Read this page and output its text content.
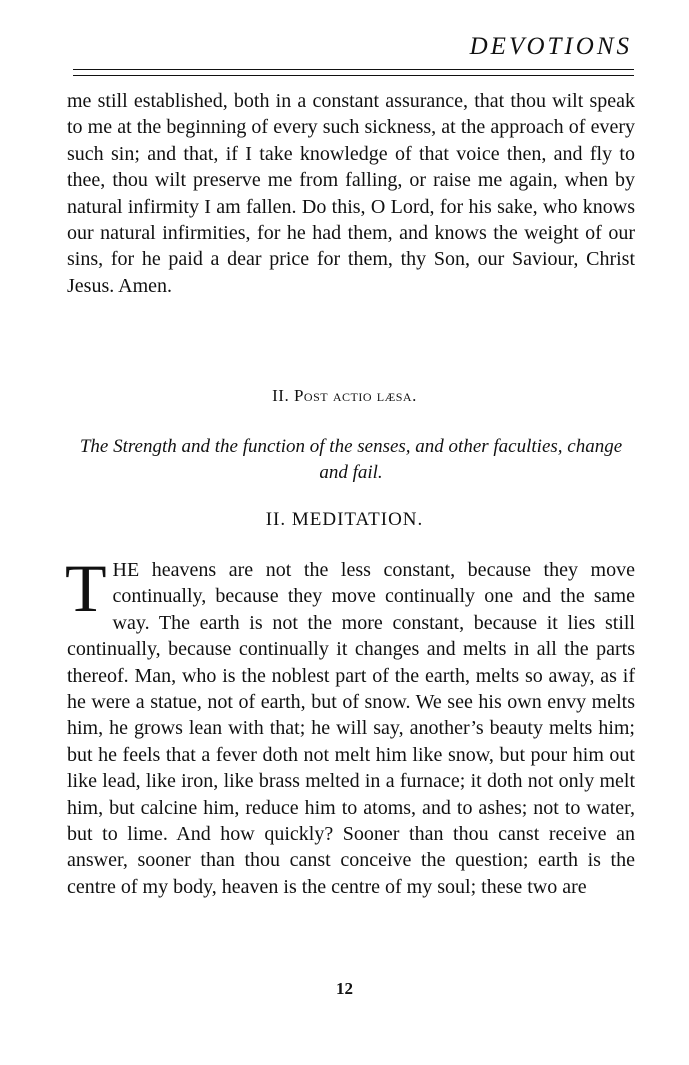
DEVOTIONS

me still established, both in a constant assurance, that thou wilt speak to me at the beginning of every such sickness, at the approach of every such sin; and that, if I take knowledge of that voice then, and fly to thee, thou wilt preserve me from falling, or raise me again, when by natural infirmity I am fallen. Do this, O Lord, for his sake, who knows our natural infirmities, for he had them, and knows the weight of our sins, for he paid a dear price for them, thy Son, our Saviour, Christ Jesus. Amen.

II. Post actio læsa.
The Strength and the function of the senses, and other faculties, change and fail.
II. MEDITATION.

THE heavens are not the less constant, because they move continually, because they move continually one and the same way. The earth is not the more constant, because it lies still continually, because continually it changes and melts in all the parts thereof. Man, who is the noblest part of the earth, melts so away, as if he were a statue, not of earth, but of snow. We see his own envy melts him, he grows lean with that; he will say, another’s beauty melts him; but he feels that a fever doth not melt him like snow, but pour him out like lead, like iron, like brass melted in a furnace; it doth not only melt him, but calcine him, reduce him to atoms, and to ashes; not to water, but to lime. And how quickly? Sooner than thou canst receive an answer, sooner than thou canst conceive the question; earth is the centre of my body, heaven is the centre of my soul; these two are

12
